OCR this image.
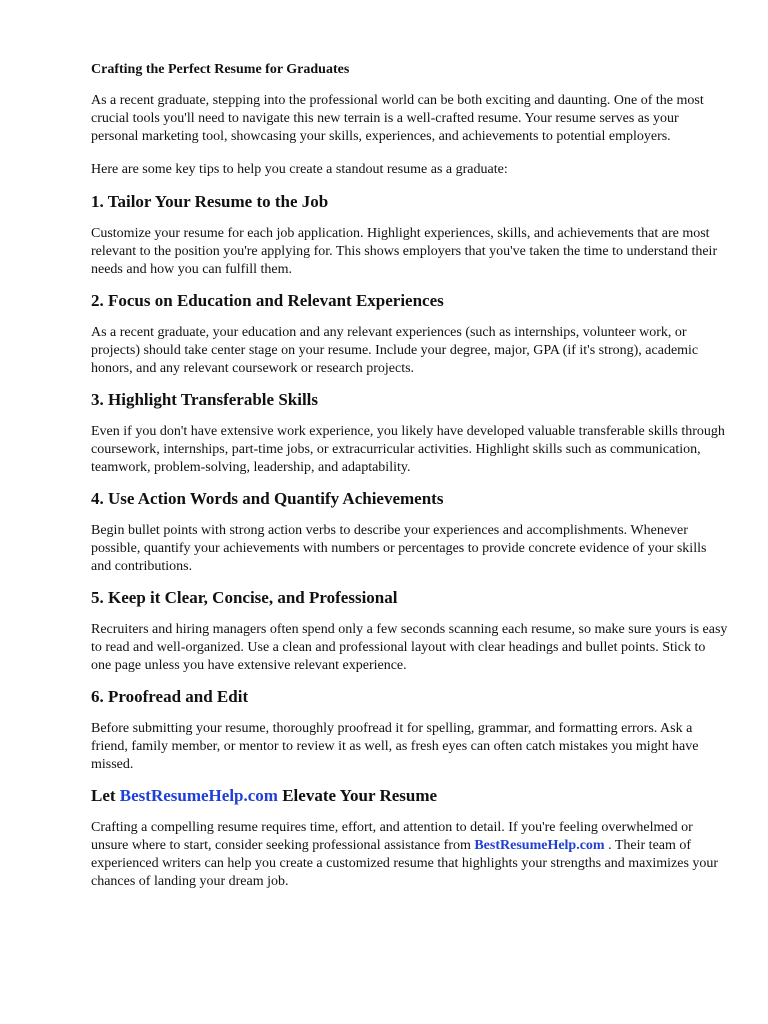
Crafting the Perfect Resume for Graduates

As a recent graduate, stepping into the professional world can be both exciting and daunting. One of the most crucial tools you'll need to navigate this new terrain is a well-crafted resume. Your resume serves as your personal marketing tool, showcasing your skills, experiences, and achievements to potential employers.

Here are some key tips to help you create a standout resume as a graduate:

1. Tailor Your Resume to the Job

Customize your resume for each job application. Highlight experiences, skills, and achievements that are most relevant to the position you're applying for. This shows employers that you've taken the time to understand their needs and how you can fulfill them.

2. Focus on Education and Relevant Experiences

As a recent graduate, your education and any relevant experiences (such as internships, volunteer work, or projects) should take center stage on your resume. Include your degree, major, GPA (if it's strong), academic honors, and any relevant coursework or research projects.

3. Highlight Transferable Skills

Even if you don't have extensive work experience, you likely have developed valuable transferable skills through coursework, internships, part-time jobs, or extracurricular activities. Highlight skills such as communication, teamwork, problem-solving, leadership, and adaptability.

4. Use Action Words and Quantify Achievements

Begin bullet points with strong action verbs to describe your experiences and accomplishments. Whenever possible, quantify your achievements with numbers or percentages to provide concrete evidence of your skills and contributions.

5. Keep it Clear, Concise, and Professional

Recruiters and hiring managers often spend only a few seconds scanning each resume, so make sure yours is easy to read and well-organized. Use a clean and professional layout with clear headings and bullet points. Stick to one page unless you have extensive relevant experience.

6. Proofread and Edit

Before submitting your resume, thoroughly proofread it for spelling, grammar, and formatting errors. Ask a friend, family member, or mentor to review it as well, as fresh eyes can often catch mistakes you might have missed.

Let BestResumeHelp.com Elevate Your Resume

Crafting a compelling resume requires time, effort, and attention to detail. If you're feeling overwhelmed or unsure where to start, consider seeking professional assistance from BestResumeHelp.com . Their team of experienced writers can help you create a customized resume that highlights your strengths and maximizes your chances of landing your dream job.
